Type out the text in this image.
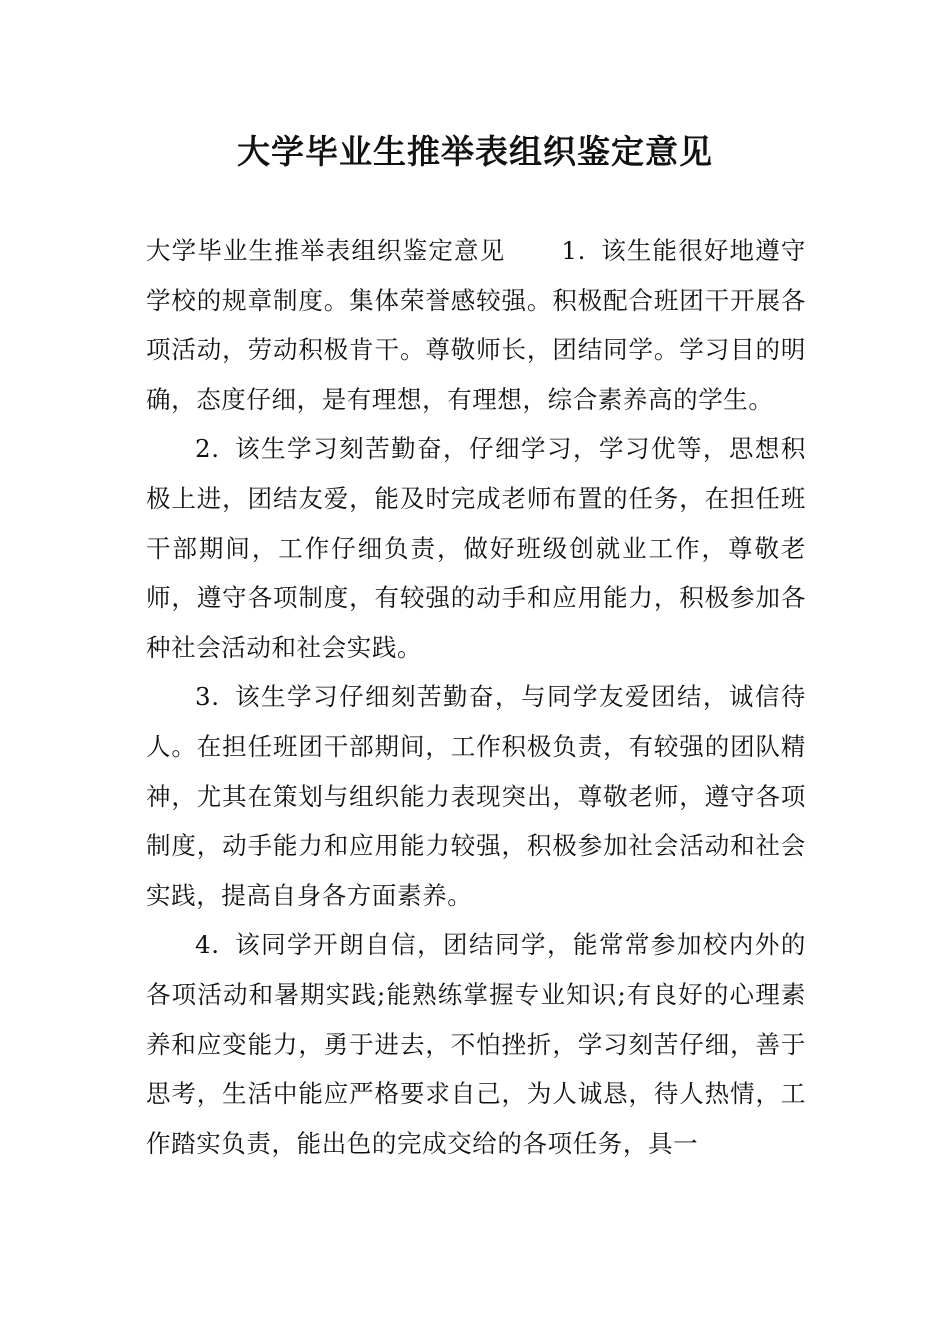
大学毕业生推举表组织鉴定意见

大学毕业生推举表组织鉴定意见 1. 该生能很好地遵守学校的规章制度。集体荣誉感较强。积极配合班团干开展各项活动，劳动积极肯干。尊敬师长，团结同学。学习目的明确，态度仔细，是有理想，有理想，综合素养高的学生。

2. 该生学习刻苦勤奋，仔细学习，学习优等，思想积极上进，团结友爱，能及时完成老师布置的任务，在担任班干部期间，工作仔细负责，做好班级创就业工作，尊敬老师，遵守各项制度，有较强的动手和应用能力，积极参加各种社会活动和社会实践。

3. 该生学习仔细刻苦勤奋，与同学友爱团结，诚信待人。在担任班团干部期间，工作积极负责，有较强的团队精神，尤其在策划与组织能力表现突出，尊敬老师，遵守各项制度，动手能力和应用能力较强，积极参加社会活动和社会实践，提高自身各方面素养。

4. 该同学开朗自信，团结同学，能常常参加校内外的各项活动和暑期实践;能熟练掌握专业知识;有良好的心理素养和应变能力，勇于进去，不怕挫折，学习刻苦仔细，善于思考，生活中能应严格要求自己，为人诚恳，待人热情，工作踏实负责，能出色的完成交给的各项任务，具一
